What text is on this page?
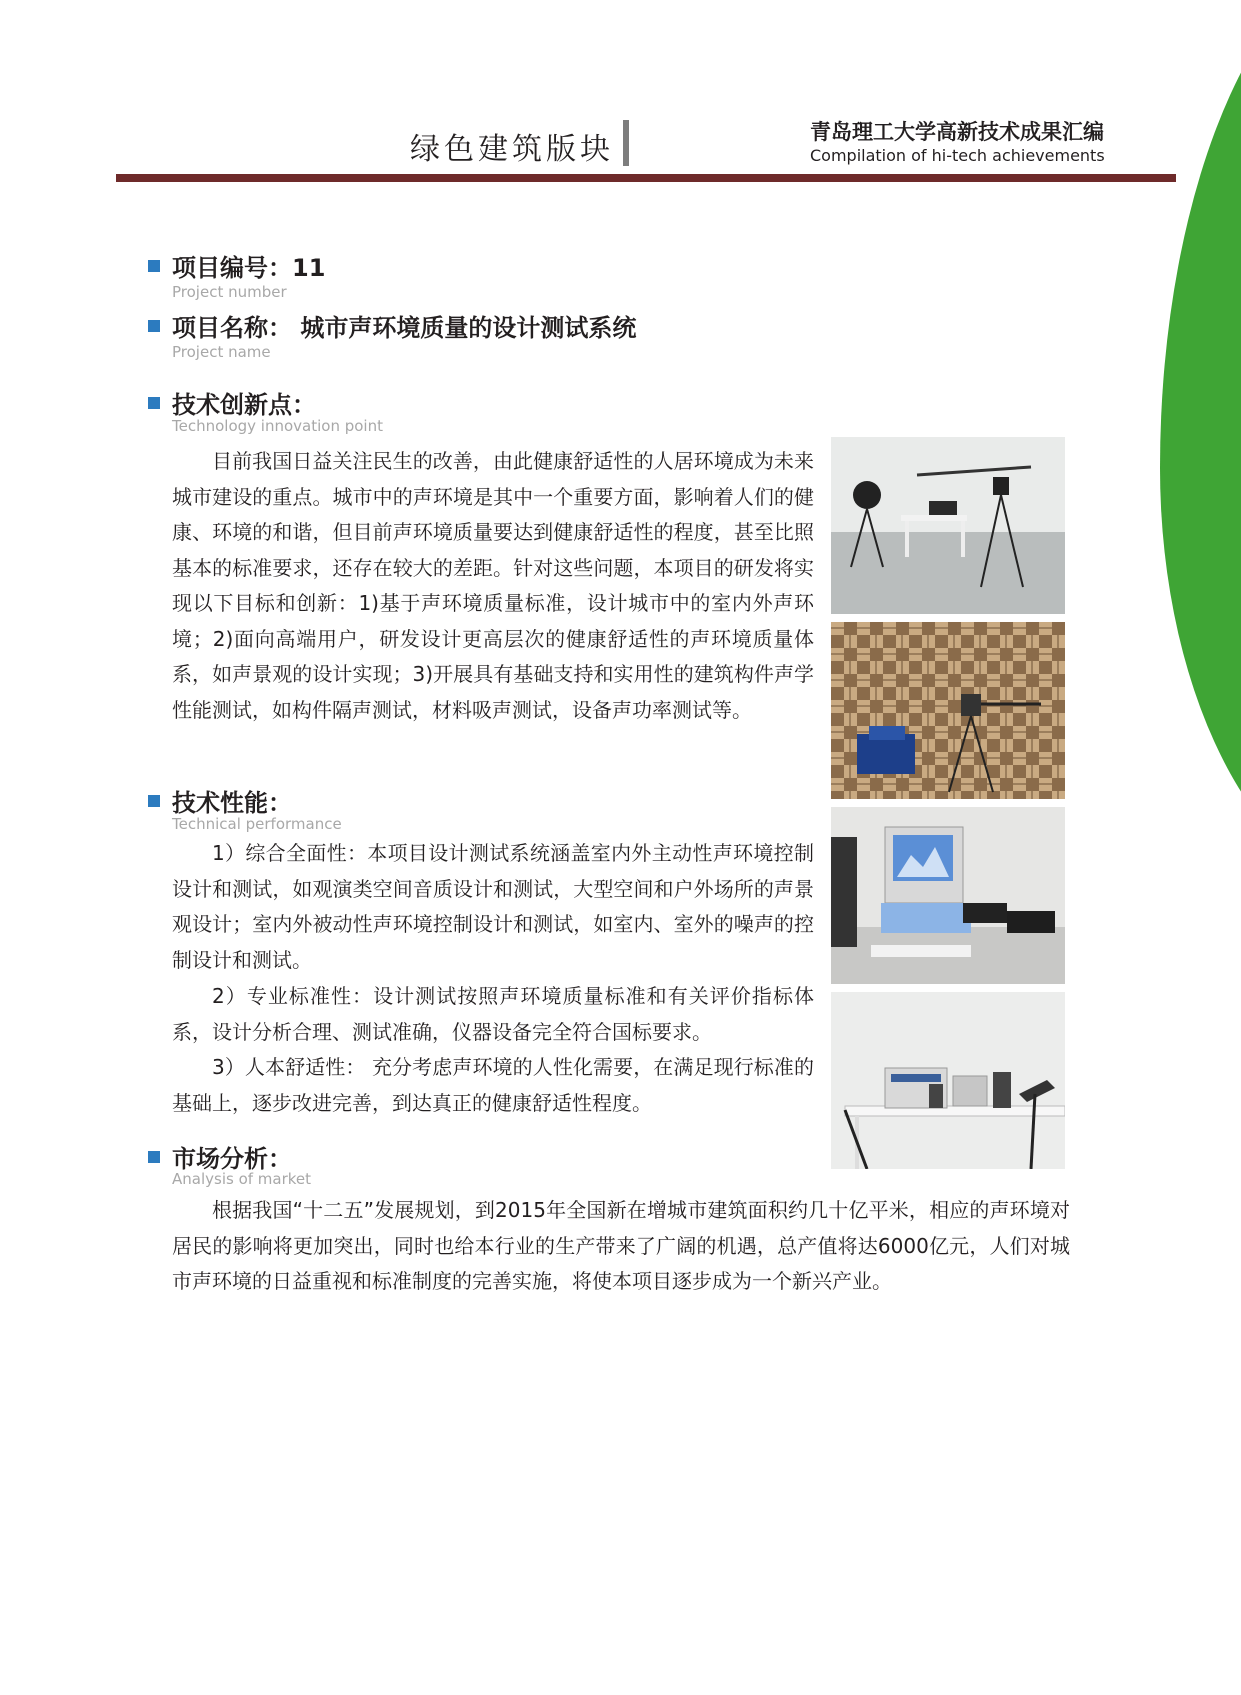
绿色建筑版块	青岛理工大学高新技术成果汇编
Compilation of hi-tech achievements
项目编号：11
Project number
项目名称： 城市声环境质量的设计测试系统
Project name
技术创新点：
Technology innovation point

目前我国日益关注民生的改善，由此健康舒适性的人居环境成为未来城市建设的重点。城市中的声环境是其中一个重要方面，影响着人们的健康、环境的和谐，但目前声环境质量要达到健康舒适性的程度，甚至比照基本的标准要求，还存在较大的差距。针对这些问题，本项目的研发将实现以下目标和创新：1)基于声环境质量标准，设计城市中的室内外声环境；2)面向高端用户，研发设计更高层次的健康舒适性的声环境质量体系，如声景观的设计实现；3)开展具有基础支持和实用性的建筑构件声学性能测试，如构件隔声测试，材料吸声测试，设备声功率测试等。

技术性能：
Technical performance

1）综合全面性：本项目设计测试系统涵盖室内外主动性声环境控制设计和测试，如观演类空间音质设计和测试，大型空间和户外场所的声景观设计；室内外被动性声环境控制设计和测试，如室内、室外的噪声的控制设计和测试。

2）专业标准性：设计测试按照声环境质量标准和有关评价指标体系，设计分析合理、测试准确，仪器设备完全符合国标要求。

3）人本舒适性： 充分考虑声环境的人性化需要，在满足现行标准的基础上，逐步改进完善，到达真正的健康舒适性程度。

市场分析：
Analysis of market

根据我国“十二五”发展规划，到2015年全国新在增城市建筑面积约几十亿平米，相应的声环境对居民的影响将更加突出，同时也给本行业的生产带来了广阔的机遇，总产值将达6000亿元，人们对城市声环境的日益重视和标准制度的完善实施，将使本项目逐步成为一个新兴产业。
